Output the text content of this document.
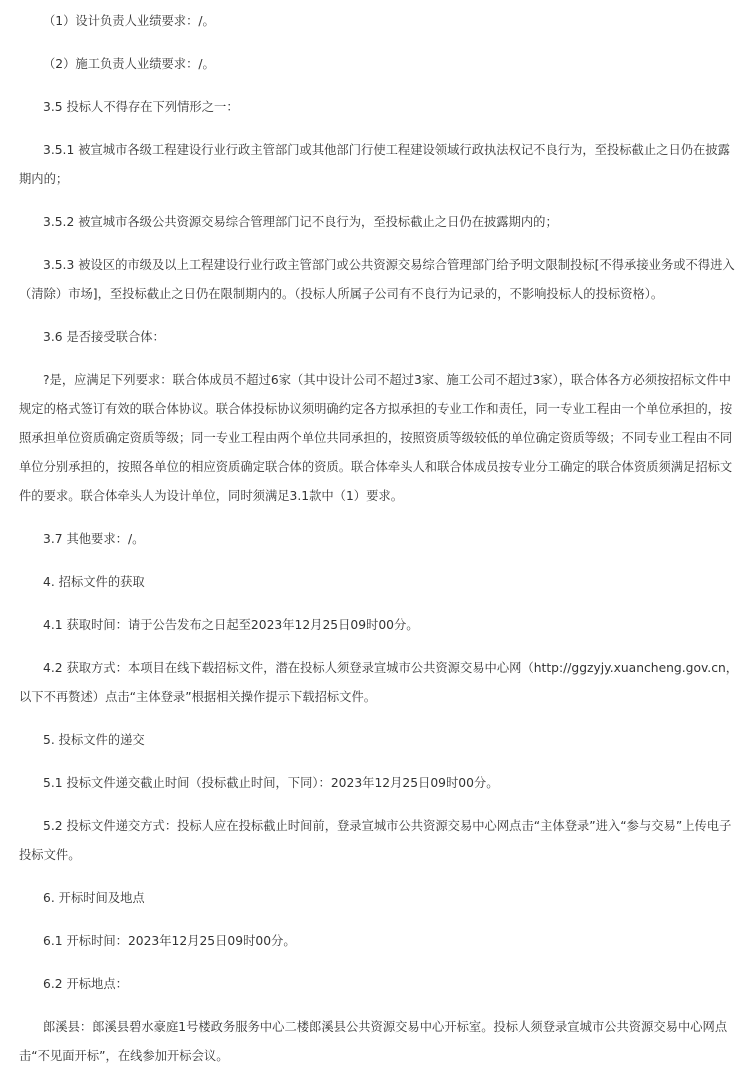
（1）设计负责人业绩要求：/。

（2）施工负责人业绩要求：/。

3.5 投标人不得存在下列情形之一：

3.5.1 被宣城市各级工程建设行业行政主管部门或其他部门行使工程建设领域行政执法权记不良行为，至投标截止之日仍在披露期内的；

3.5.2 被宣城市各级公共资源交易综合管理部门记不良行为，至投标截止之日仍在披露期内的；

3.5.3 被设区的市级及以上工程建设行业行政主管部门或公共资源交易综合管理部门给予明文限制投标[不得承接业务或不得进入（清除）市场]，至投标截止之日仍在限制期内的。（投标人所属子公司有不良行为记录的，不影响投标人的投标资格）。

3.6 是否接受联合体：

?是，应满足下列要求：联合体成员不超过6家（其中设计公司不超过3家、施工公司不超过3家），联合体各方必须按招标文件中规定的格式签订有效的联合体协议。联合体投标协议须明确约定各方拟承担的专业工作和责任，同一专业工程由一个单位承担的，按照承担单位资质确定资质等级；同一专业工程由两个单位共同承担的，按照资质等级较低的单位确定资质等级；不同专业工程由不同单位分别承担的，按照各单位的相应资质确定联合体的资质。联合体牵头人和联合体成员按专业分工确定的联合体资质须满足招标文件的要求。联合体牵头人为设计单位，同时须满足3.1款中（1）要求。

3.7 其他要求：/。

4. 招标文件的获取

4.1 获取时间：请于公告发布之日起至2023年12月25日09时00分。

4.2 获取方式：本项目在线下载招标文件，潜在投标人须登录宣城市公共资源交易中心网（http://ggzyjy.xuancheng.gov.cn，以下不再赘述）点击“主体登录”根据相关操作提示下载招标文件。

5. 投标文件的递交

5.1 投标文件递交截止时间（投标截止时间，下同）：2023年12月25日09时00分。

5.2 投标文件递交方式：投标人应在投标截止时间前，登录宣城市公共资源交易中心网点击“主体登录”进入“参与交易”上传电子投标文件。

6. 开标时间及地点

6.1 开标时间：2023年12月25日09时00分。

6.2 开标地点：

郎溪县：郎溪县碧水豪庭1号楼政务服务中心二楼郎溪县公共资源交易中心开标室。投标人须登录宣城市公共资源交易中心网点击“不见面开标”，在线参加开标会议。
